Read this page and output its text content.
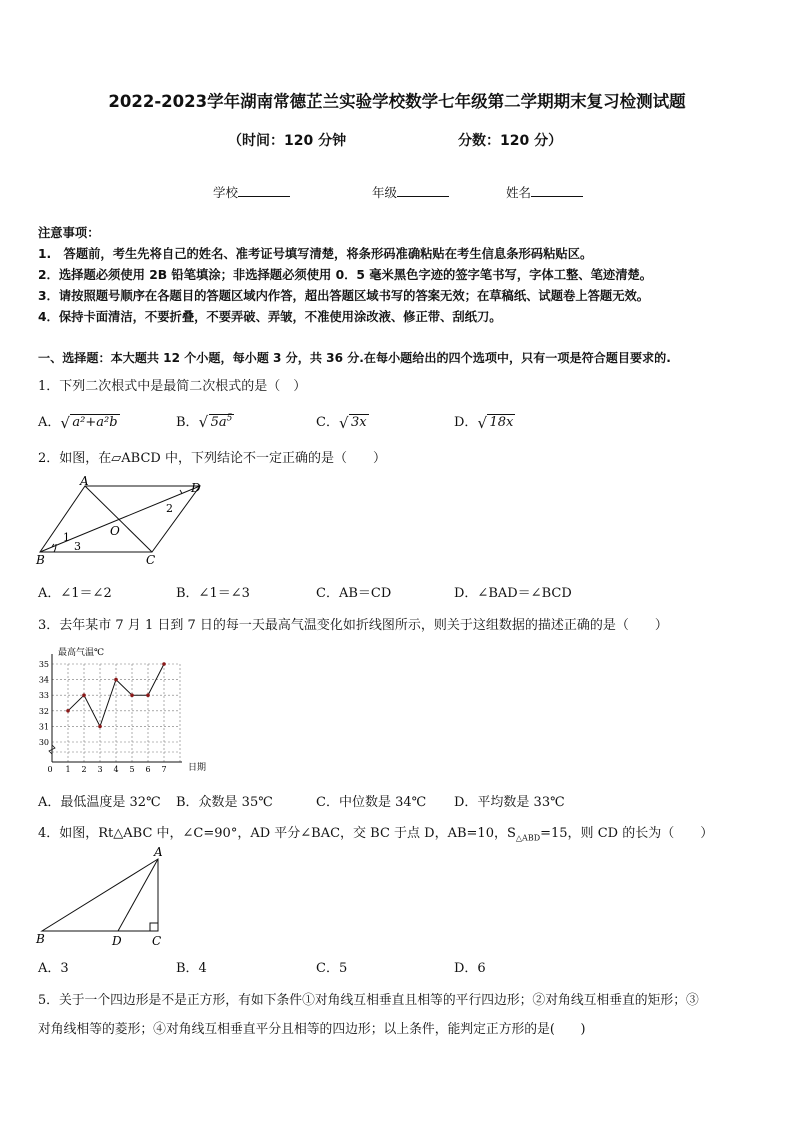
2022-2023学年湖南常德芷兰实验学校数学七年级第二学期期末复习检测试题
（时间：120 分钟	分数：120 分）
学校	年级	姓名
注意事项：
1.　答题前，考生先将自己的姓名、准考证号填写清楚，将条形码准确粘贴在考生信息条形码粘贴区。
2．选择题必须使用 2B 铅笔填涂；非选择题必须使用 0．5 毫米黑色字迹的签字笔书写，字体工整、笔迹清楚。
3．请按照题号顺序在各题目的答题区域内作答，超出答题区域书写的答案无效；在草稿纸、试题卷上答题无效。
4．保持卡面清洁，不要折叠，不要弄破、弄皱，不准使用涂改液、修正带、刮纸刀。
一、选择题：本大题共 12 个小题，每小题 3 分，共 36 分.在每小题给出的四个选项中，只有一项是符合题目要求的.
1．下列二次根式中是最简二次根式的是（　）
A． √ a²+a²b	B． √ $5a^5$	C． √ 3x	D． √ 18x
2．如图，在▱ABCD 中，下列结论不一定正确的是（　　）
A	D
B	C
O
1
2
3
A．∠1＝∠2	B．∠1＝∠3	C．AB＝CD	D．∠BAD＝∠BCD
3．去年某市 7 月 1 日到 7 日的每一天最高气温变化如折线图所示，则关于这组数据的描述正确的是（　　）
30
31
32
33
34
35
0 1 2 3 4 5 6 7
最高气温℃
日期
A．最低温度是 32℃ B．众数是 35℃	C．中位数是 34℃ D．平均数是 33℃
4．如图，Rt△ABC 中，∠C=90°，AD 平分∠BAC，交 BC 于点 D，AB=10，$S_{\triangle ABD}=15$，则 CD 的长为（　　）
A
B	D	C
A．3	B．4	C．5	D．6
5．关于一个四边形是不是正方形，有如下条件①对角线互相垂直且相等的平行四边形；②对角线互相垂直的矩形；③
对角线相等的菱形；④对角线互相垂直平分且相等的四边形；以上条件，能判定正方形的是(　　)
